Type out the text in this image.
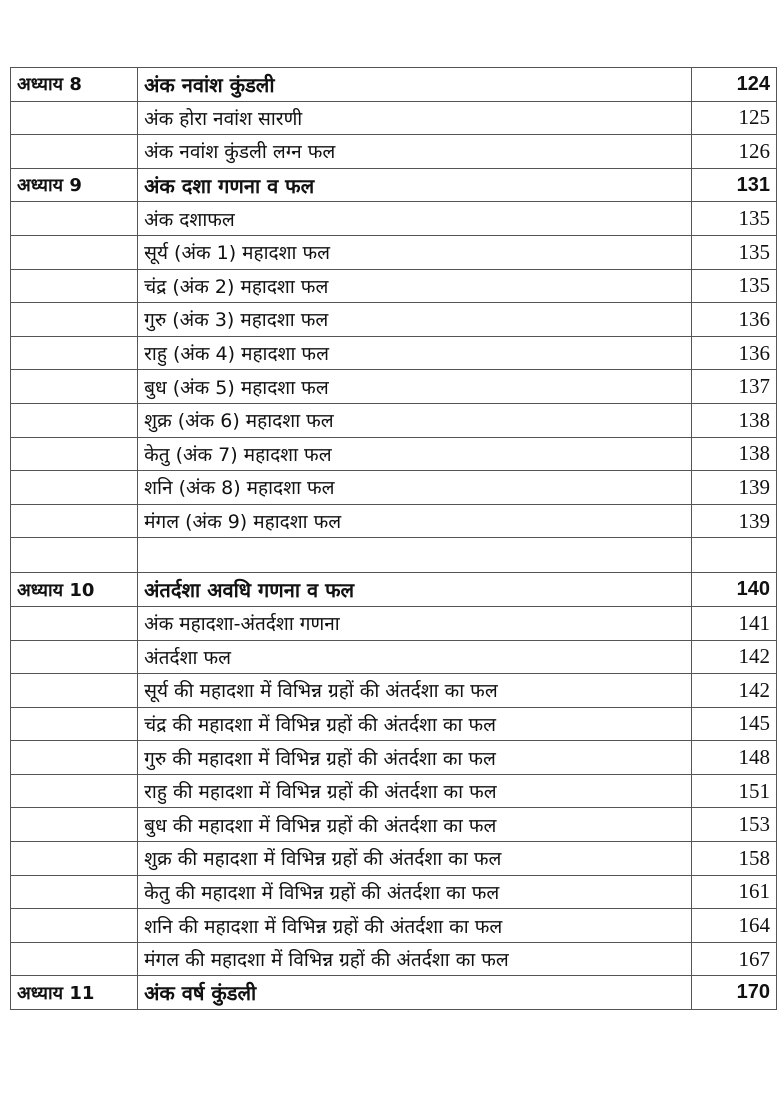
अध्याय 8	अंक नवांश कुंडली	124
	अंक होरा नवांश सारणी	125
	अंक नवांश कुंडली लग्न फल	126
अध्याय 9	अंक दशा गणना व फल	131
	अंक दशाफल	135
	सूर्य (अंक 1) महादशा फल	135
	चंद्र (अंक 2) महादशा फल	135
	गुरु (अंक 3) महादशा फल	136
	राहु (अंक 4) महादशा फल	136
	बुध (अंक 5) महादशा फल	137
	शुक्र (अंक 6) महादशा फल	138
	केतु (अंक 7) महादशा फल	138
	शनि (अंक 8) महादशा फल	139
	मंगल (अंक 9) महादशा फल	139

अध्याय 10	अंतर्दशा अवधि गणना व फल	140
	अंक महादशा-अंतर्दशा गणना	141
	अंतर्दशा फल	142
	सूर्य की महादशा में विभिन्न ग्रहों की अंतर्दशा का फल	142
	चंद्र की महादशा में विभिन्न ग्रहों की अंतर्दशा का फल	145
	गुरु की महादशा में विभिन्न ग्रहों की अंतर्दशा का फल	148
	राहु की महादशा में विभिन्न ग्रहों की अंतर्दशा का फल	151
	बुध की महादशा में विभिन्न ग्रहों की अंतर्दशा का फल	153
	शुक्र की महादशा में विभिन्न ग्रहों की अंतर्दशा का फल	158
	केतु की महादशा में विभिन्न ग्रहों की अंतर्दशा का फल	161
	शनि की महादशा में विभिन्न ग्रहों की अंतर्दशा का फल	164
	मंगल की महादशा में विभिन्न ग्रहों की अंतर्दशा का फल	167
अध्याय 11	अंक वर्ष कुंडली	170
